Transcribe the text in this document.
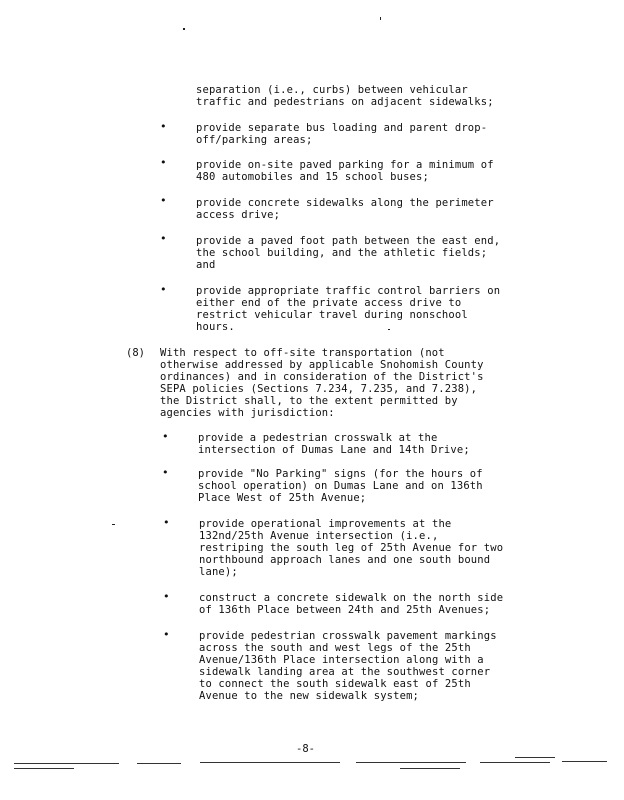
separation (i.e., curbs) between vehicular
traffic and pedestrians on adjacent sidewalks;
•	provide separate bus loading and parent drop-
off/parking areas;
•	provide on-site paved parking for a minimum of
480 automobiles and 15 school buses;
•	provide concrete sidewalks along the perimeter
access drive;
•	provide a paved foot path between the east end,
the school building, and the athletic fields;
and
•	provide appropriate traffic control barriers on
either end of the private access drive to
restrict vehicular travel during nonschool
hours.
(8) With respect to off-site transportation (not
otherwise addressed by applicable Snohomish County
ordinances) and in consideration of the District's
SEPA policies (Sections 7.234, 7.235, and 7.238),
the District shall, to the extent permitted by
agencies with jurisdiction:
•	provide a pedestrian crosswalk at the
intersection of Dumas Lane and 14th Drive;
•	provide "No Parking" signs (for the hours of
school operation) on Dumas Lane and on 136th
Place West of 25th Avenue;
•	provide operational improvements at the
132nd/25th Avenue intersection (i.e.,
restriping the south leg of 25th Avenue for two
northbound approach lanes and one south bound
lane);
•	construct a concrete sidewalk on the north side
of 136th Place between 24th and 25th Avenues;
•	provide pedestrian crosswalk pavement markings
across the south and west legs of the 25th
Avenue/136th Place intersection along with a
sidewalk landing area at the southwest corner
to connect the south sidewalk east of 25th
Avenue to the new sidewalk system;
-8-
